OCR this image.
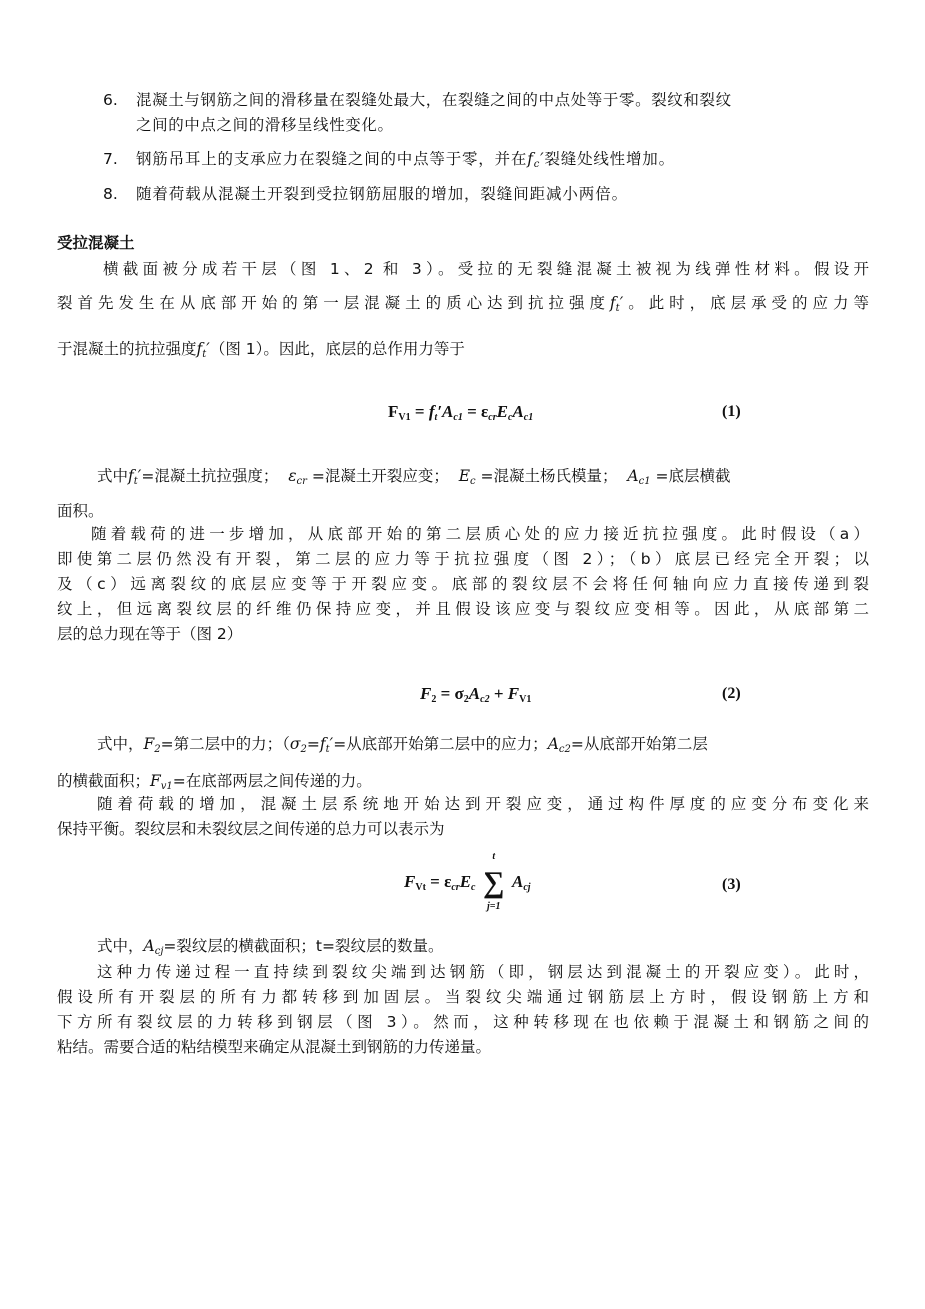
6.	混凝土与钢筋之间的滑移量在裂缝处最大，在裂缝之间的中点处等于零。裂纹和裂纹
之间的中点之间的滑移呈线性变化。
7.	钢筋吊耳上的支承应力在裂缝之间的中点等于零，并在$f_c'$裂缝处线性增加。
8.	随着荷载从混凝土开裂到受拉钢筋屈服的增加，裂缝间距减小两倍。
受拉混凝土
横截面被分成若干层（图 1、2 和 3）。受拉的无裂缝混凝土被视为线弹性材料。假设开
裂首先发生在从底部开始的第一层混凝土的质心达到抗拉强度$f_t'$。此时，底层承受的应力等
于混凝土的抗拉强度$f_t'$（图 1）。因此，底层的总作用力等于
$F_{V1} = f_t'A_{c1} = \varepsilon_{cr}E_cA_{c1}$	(1)
式中$f_t'=$混凝土抗拉强度； $\varepsilon_{cr}$ =混凝土开裂应变； $E_c$ =混凝土杨氏模量； $A_{c1}$ =底层横截
面积。
随着载荷的进一步增加，从底部开始的第二层质心处的应力接近抗拉强度。此时假设（a）
即使第二层仍然没有开裂，第二层的应力等于抗拉强度（图 2）；（b）底层已经完全开裂；以
及（c）远离裂纹的底层应变等于开裂应变。底部的裂纹层不会将任何轴向应力直接传递到裂
纹上，但远离裂纹层的纤维仍保持应变，并且假设该应变与裂纹应变相等。因此，从底部第二
层的总力现在等于（图 2）
$F_2 = \sigma_2A_{c2} + F_{V1}$	(2)
式中，$F_2=$第二层中的力；（$\sigma_2=f_t'=$从底部开始第二层中的应力；$A_{c2}=$从底部开始第二层
的横截面积；$F_{v1}=$在底部两层之间传递的力。
随着荷载的增加，混凝土层系统地开始达到开裂应变，通过构件厚度的应变分布变化来
保持平衡。裂纹层和未裂纹层之间传递的总力可以表示为
$F_{Vt} = \varepsilon_{cr}E_c$ ∑
t
j=1
$A_{cj}$	(3)
式中，$A_{cj}=$裂纹层的横截面积；t=裂纹层的数量。
这种力传递过程一直持续到裂纹尖端到达钢筋（即，钢层达到混凝土的开裂应变）。此时，
假设所有开裂层的所有力都转移到加固层。当裂纹尖端通过钢筋层上方时，假设钢筋上方和
下方所有裂纹层的力转移到钢层（图 3）。然而，这种转移现在也依赖于混凝土和钢筋之间的
粘结。需要合适的粘结模型来确定从混凝土到钢筋的力传递量。
